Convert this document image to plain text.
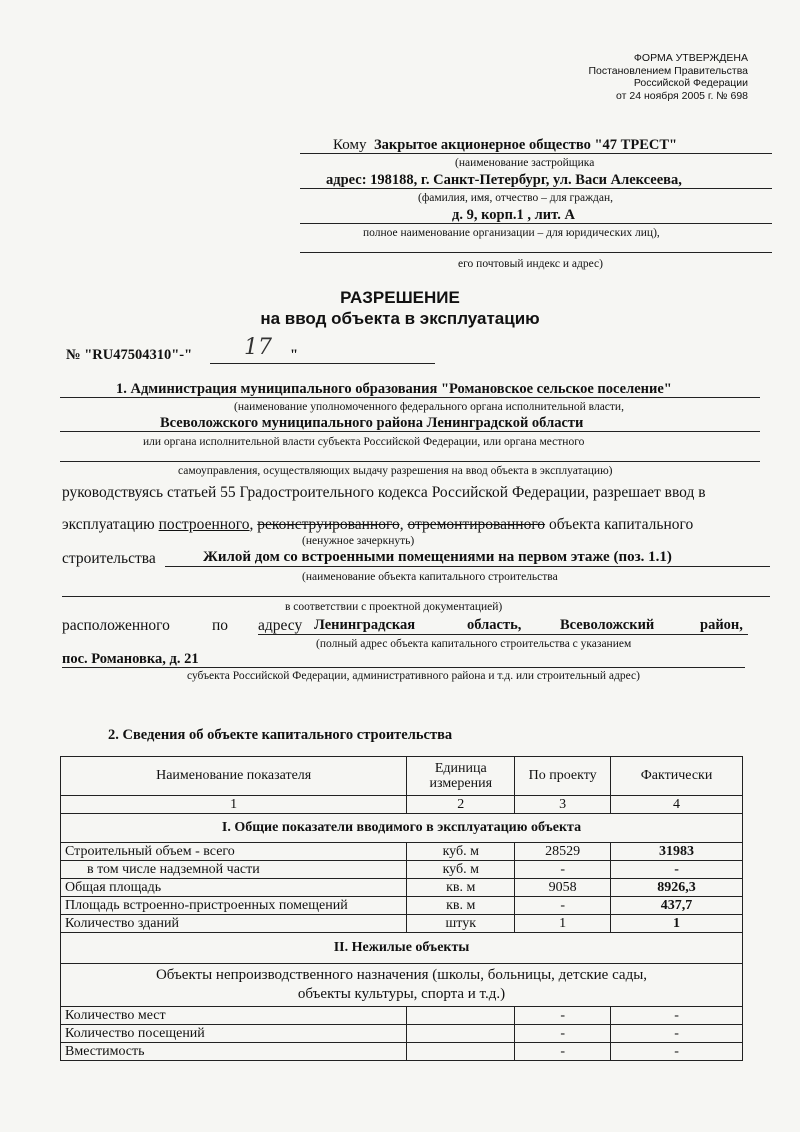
ФОРМА УТВЕРЖДЕНА
Постановлением Правительства
Российской Федерации
от 24 ноября 2005 г. № 698
Кому Закрытое акционерное общество "47 ТРЕСТ"
(наименование застройщика
адрес: 198188, г. Санкт-Петербург, ул. Васи Алексеева,
(фамилия, имя, отчество – для граждан,
д. 9, корп.1 , лит. А
полное наименование организации – для юридических лиц),
его почтовый индекс и адрес)
РАЗРЕШЕНИЕ
на ввод объекта в эксплуатацию
№ "RU47504310"-" 17 "
1. Администрация муниципального образования "Романовское сельское поселение"
(наименование уполномоченного федерального органа исполнительной власти,
Всеволожского муниципального района Ленинградской области
или органа исполнительной власти субъекта Российской Федерации, или органа местного
самоуправления, осуществляющих выдачу разрешения на ввод объекта в эксплуатацию)
руководствуясь статьей 55 Градостроительного кодекса Российской Федерации, разрешает ввод в
эксплуатацию построенного, реконструированного, отремонтированного объекта капитального
(ненужное зачеркнуть)
строительства	Жилой дом со встроенными помещениями на первом этаже (поз. 1.1)
(наименование объекта капитального строительства
в соответствии с проектной документацией)
расположенного	по адресу Ленинградская	область,	Всеволожский	район,
(полный адрес объекта капитального строительства с указанием
пос. Романовка, д. 21
субъекта Российской Федерации, административного района и т.д. или строительный адрес)
2. Сведения об объекте капитального строительства
Наименование показателя	Единица измерения	По проекту	Фактически
1	2	3	4
I. Общие показатели вводимого в эксплуатацию объекта			
Строительный объем - всего	куб. м	28529	31983
в том числе надземной части	куб. м	-	-
Общая площадь	кв. м	9058	8926,3
Площадь встроенно-пристроенных помещений	кв. м	-	437,7
Количество зданий	штук	1	1
II. Нежилые объекты			

Объекты непроизводственного назначения (школы, больницы, детские сады,
объекты культуры, спорта и т.д.)			

Количество мест		-	-
Количество посещений		-	-
Вместимость		-	-
